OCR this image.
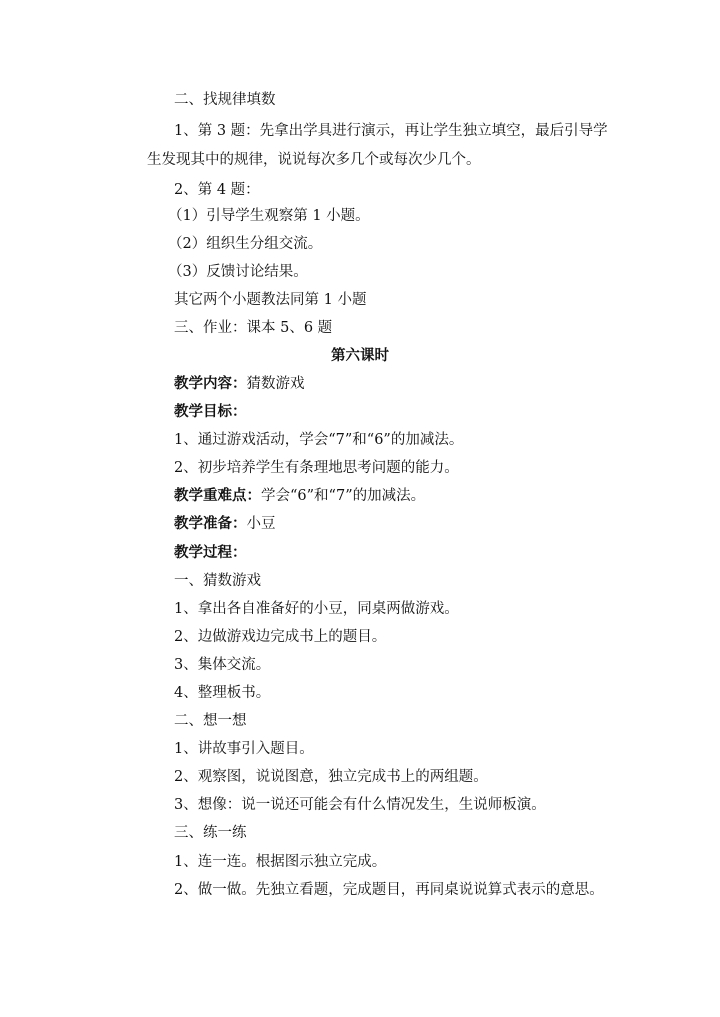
二、找规律填数
1、第 3 题：先拿出学具进行演示，再让学生独立填空，最后引导学
生发现其中的规律，说说每次多几个或每次少几个。
2、第 4 题：
（1）引导学生观察第 1 小题。
（2）组织生分组交流。
（3）反馈讨论结果。
其它两个小题教法同第 1 小题
三、作业：课本 5、6 题
第六课时
教学内容：猜数游戏
教学目标：
1、通过游戏活动，学会“7”和“6”的加减法。
2、初步培养学生有条理地思考问题的能力。
教学重难点：学会“6”和“7”的加减法。
教学准备：小豆
教学过程：
一、猜数游戏
1、拿出各自准备好的小豆，同桌两做游戏。
2、边做游戏边完成书上的题目。
3、集体交流。
4、整理板书。
二、想一想
1、讲故事引入题目。
2、观察图，说说图意，独立完成书上的两组题。
3、想像：说一说还可能会有什么情况发生，生说师板演。
三、练一练
1、连一连。根据图示独立完成。
2、做一做。先独立看题，完成题目，再同桌说说算式表示的意思。
